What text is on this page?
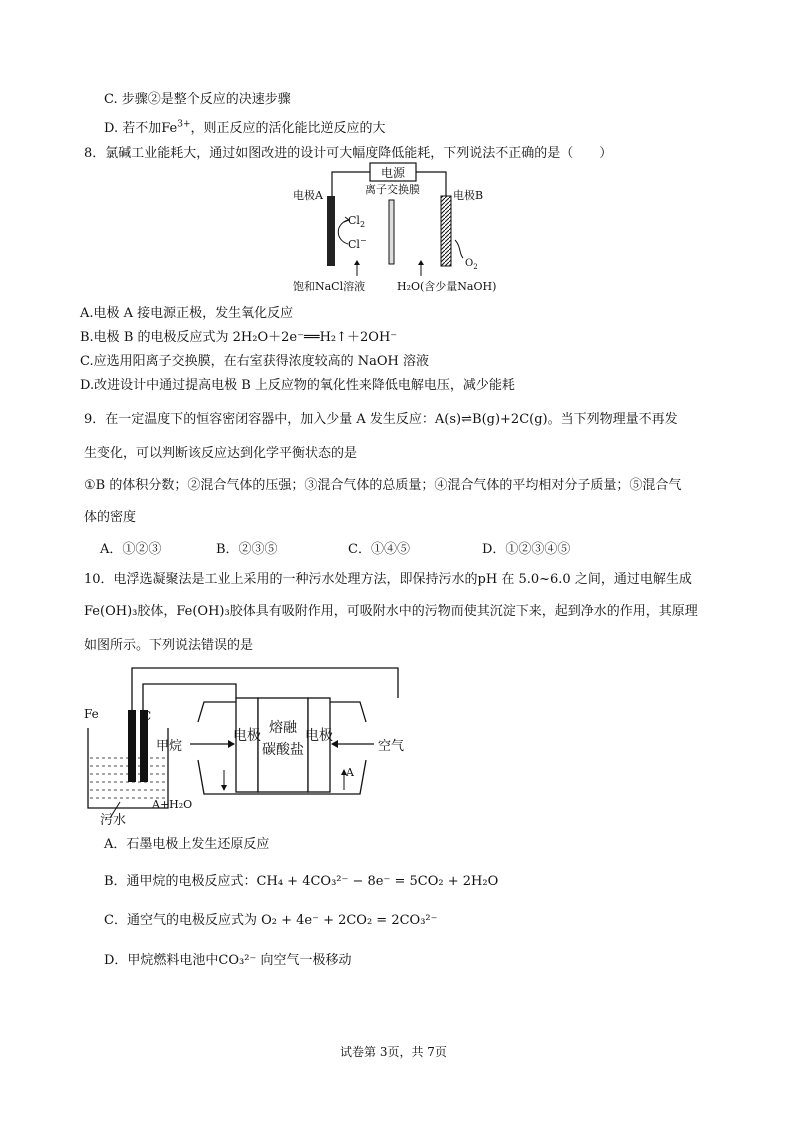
C. 步骤②是整个反应的决速步骤
D. 若不加$Fe^{3+}$，则正反应的活化能比逆反应的大
8．氯碱工业能耗大，通过如图改进的设计可大幅度降低能耗，下列说法不正确的是（　　）
电源
电极A	离子交换膜	电极B
$Cl_2$
Cl−
$O_2$
饱和NaCl溶液	H₂O(含少量NaOH)
A.电极 A 接电源正极，发生氧化反应
B.电极 B 的电极反应式为 2H₂O＋2e⁻══H₂↑＋2OH⁻
C.应选用阳离子交换膜，在右室获得浓度较高的 NaOH 溶液
D.改进设计中通过提高电极 B 上反应物的氧化性来降低电解电压，减少能耗
9．在一定温度下的恒容密闭容器中，加入少量 A 发生反应：A(s)⇌B(g)+2C(g)。当下列物理量不再发
生变化，可以判断该反应达到化学平衡状态的是
①B 的体积分数；②混合气体的压强；③混合气体的总质量；④混合气体的平均相对分子质量；⑤混合气
体的密度
A．①②③	B．②③⑤	C．①④⑤	D．①②③④⑤
10．电浮选凝聚法是工业上采用的一种污水处理方法，即保持污水的pH 在 5.0~6.0 之间，通过电解生成
Fe(OH)₃胶体，Fe(OH)₃胶体具有吸附作用，可吸附水中的污物而使其沉淀下来，起到净水的作用，其原理
如图所示。下列说法错误的是
Fe	C
污水
电极	电极
熔融
碳酸盐
甲烷	空气
A+H₂O
A
A．石墨电极上发生还原反应
B．通甲烷的电极反应式：CH₄ + 4CO₃²⁻ − 8e⁻ = 5CO₂ + 2H₂O
C．通空气的电极反应式为 O₂ + 4e⁻ + 2CO₂ = 2CO₃²⁻
D．甲烷燃料电池中CO₃²⁻ 向空气一极移动
试卷第 3页，共 7页
